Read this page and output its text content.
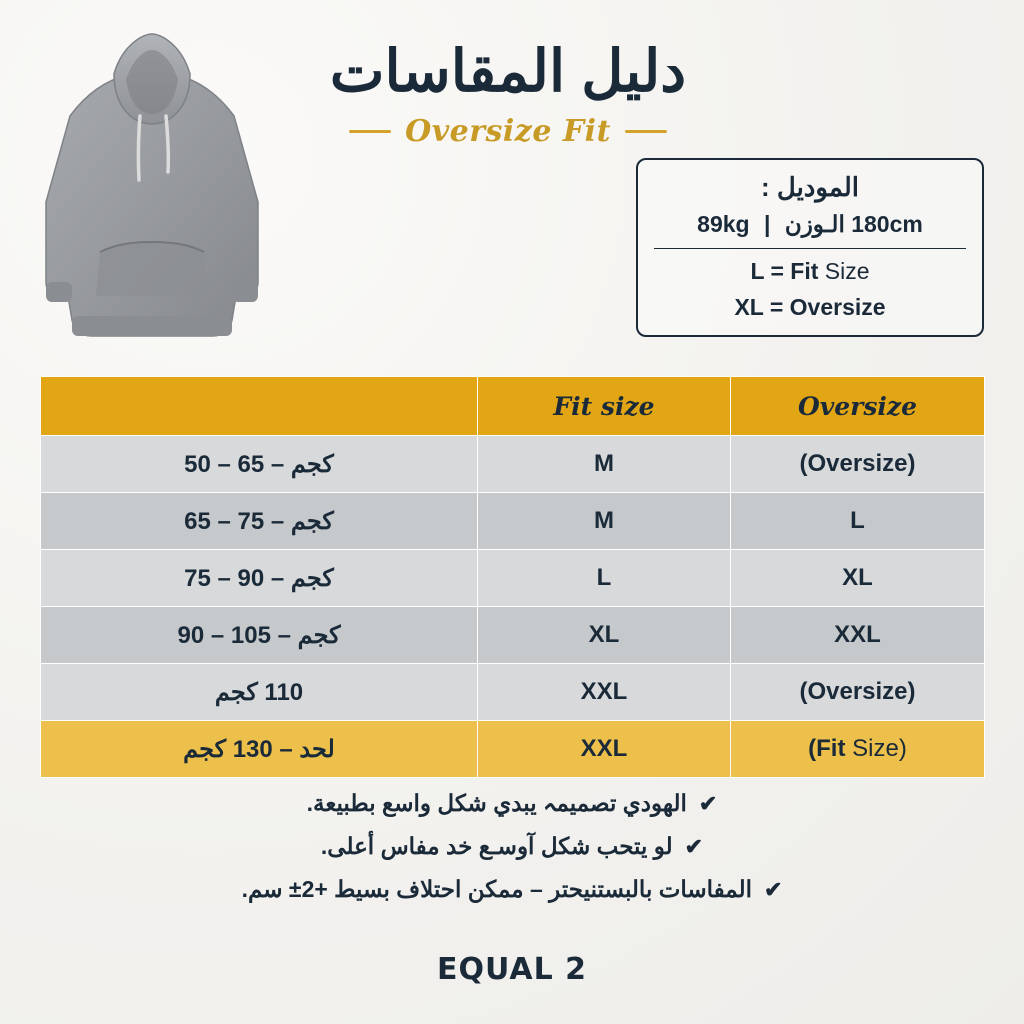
دليل المقاسات
Oversize Fit
الموديل :
180cm الـوزن | 89kg
L = Fit Size
XL = Oversize
	Fit size	Oversize
كجم – 65 – 50	M	(Oversize)
كجم – 75 – 65	M	L
كجم – 90 – 75	L	XL
كجم – 105 – 90	XL	XXL
110 كجم	XXL	(Oversize)
لحد – 130 كجم	XXL	(Fit Size)
✔
الهودي تصميمہ يبدي شكل واسع بطبيعة.
✔
لو يتحب شكل آوسـع خد مفاس أعلى.
✔
المفاسات بالبستنيحتر – ممكن احتلاف بسيط +2± سم.
EQUAL 2
